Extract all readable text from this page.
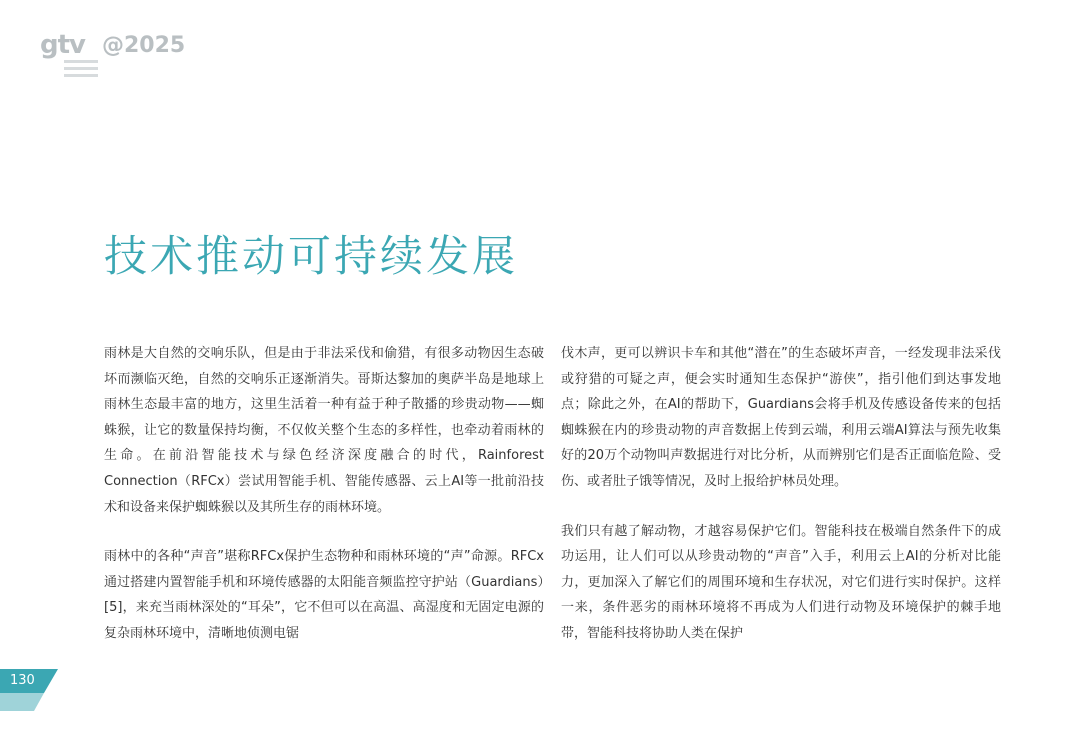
gtv @2025
技术推动可持续发展

雨林是大自然的交响乐队，但是由于非法采伐和偷猎，有很多动物因生态破坏而濒临灭绝，自然的交响乐正逐渐消失。哥斯达黎加的奥萨半岛是地球上雨林生态最丰富的地方，这里生活着一种有益于种子散播的珍贵动物——蜘蛛猴，让它的数量保持均衡，不仅攸关整个生态的多样性，也牵动着雨林的生命。在前沿智能技术与绿色经济深度融合的时代，Rainforest Connection（RFCx）尝试用智能手机、智能传感器、云上AI等一批前沿技术和设备来保护蜘蛛猴以及其所生存的雨林环境。

雨林中的各种“声音”堪称RFCx保护生态物种和雨林环境的“声”命源。RFCx通过搭建内置智能手机和环境传感器的太阳能音频监控守护站（Guardians）[5]，来充当雨林深处的“耳朵”，它不但可以在高温、高湿度和无固定电源的复杂雨林环境中，清晰地侦测电锯

伐木声，更可以辨识卡车和其他“潜在”的生态破坏声音，一经发现非法采伐或狩猎的可疑之声，便会实时通知生态保护“游侠”，指引他们到达事发地点；除此之外，在AI的帮助下，Guardians会将手机及传感设备传来的包括蜘蛛猴在内的珍贵动物的声音数据上传到云端，利用云端AI算法与预先收集好的20万个动物叫声数据进行对比分析，从而辨别它们是否正面临危险、受伤、或者肚子饿等情况，及时上报给护林员处理。

我们只有越了解动物，才越容易保护它们。智能科技在极端自然条件下的成功运用，让人们可以从珍贵动物的“声音”入手，利用云上AI的分析对比能力，更加深入了解它们的周围环境和生存状况，对它们进行实时保护。这样一来，条件恶劣的雨林环境将不再成为人们进行动物及环境保护的棘手地带，智能科技将协助人类在保护

130
